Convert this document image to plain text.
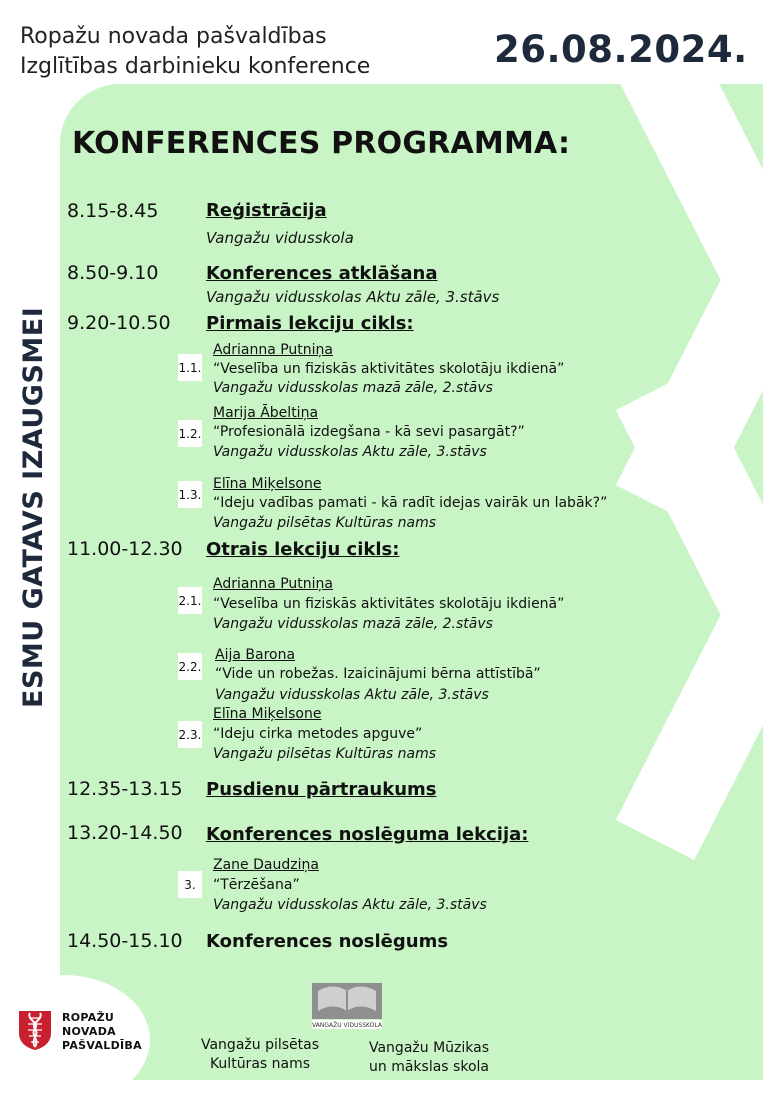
Ropažu novada pašvaldības
Izglītības darbinieku konference	26.08.2024.
KONFERENCES PROGRAMMA:
ESMU GATAVS IZAUGSMEI
8.15-8.45
8.50-9.10
9.20-10.50
11.00-12.30
12.35-13.15
13.20-14.50
14.50-15.10
Reģistrācija
Vangažu vidusskola
Konferences atklāšana
Vangažu vidusskolas Aktu zāle, 3.stāvs
Pirmais lekciju cikls:
Otrais lekciju cikls:
Pusdienu pārtraukums
Konferences noslēguma lekcija:
Konferences noslēgums
1.1.
Adrianna Putniņa
“Veselība un fiziskās aktivitātes skolotāju ikdienā”
Vangažu vidusskolas mazā zāle, 2.stāvs
1.2.
Marija Ābeltiņa
“Profesionālā izdegšana - kā sevi pasargāt?”
Vangažu vidusskolas Aktu zāle, 3.stāvs
1.3.
Elīna Miķelsone
“Ideju vadības pamati - kā radīt idejas vairāk un labāk?”
Vangažu pilsētas Kultūras nams
2.1.
Adrianna Putniņa
“Veselība un fiziskās aktivitātes skolotāju ikdienā”
Vangažu vidusskolas mazā zāle, 2.stāvs
2.2.
Aija Barona
“Vide un robežas. Izaicinājumi bērna attīstībā”
Vangažu vidusskolas Aktu zāle, 3.stāvs
2.3.
Elīna Miķelsone
“Ideju cirka metodes apguve”
Vangažu pilsētas Kultūras nams
3.
Zane Daudziņa
“Tērzēšana”
Vangažu vidusskolas Aktu zāle, 3.stāvs
ROPAŽU
NOVADA
PAŠVALDĪBA
VANGAŽU VIDUSSKOLA
Vangažu pilsētas
Kultūras nams
Vangažu Mūzikas
un mākslas skola
